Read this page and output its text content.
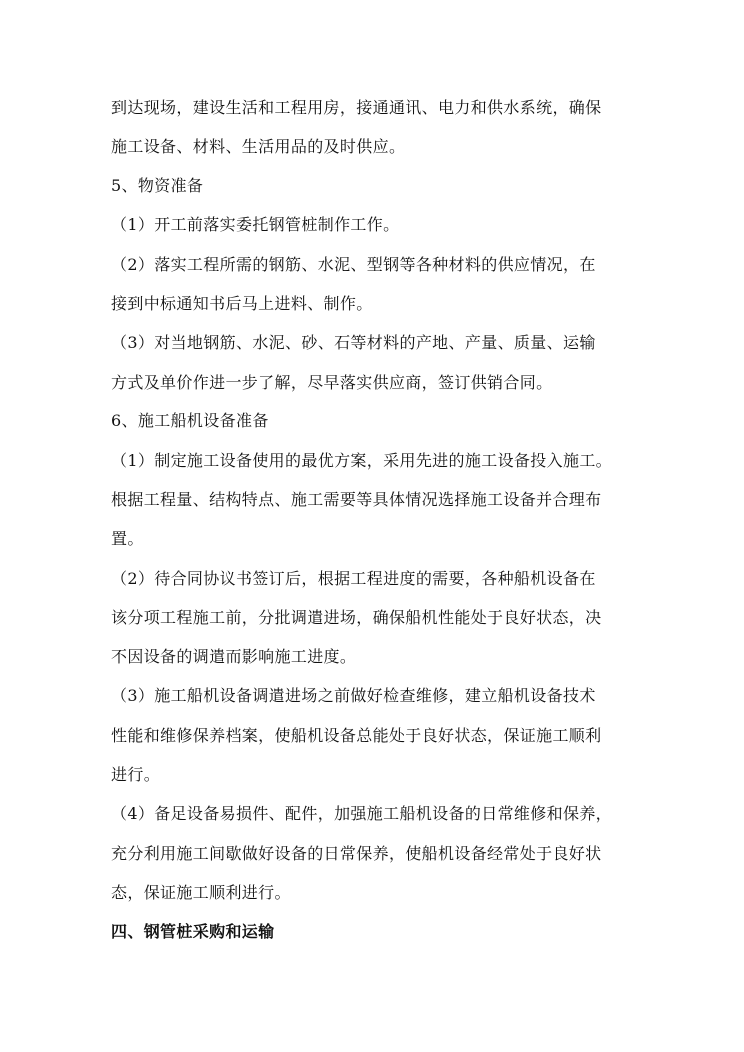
到达现场，建设生活和工程用房，接通通讯、电力和供水系统，确保
施工设备、材料、生活用品的及时供应。
5、物资准备
（1）开工前落实委托钢管桩制作工作。
（2）落实工程所需的钢筋、水泥、型钢等各种材料的供应情况，在
接到中标通知书后马上进料、制作。
（3）对当地钢筋、水泥、砂、石等材料的产地、产量、质量、运输
方式及单价作进一步了解，尽早落实供应商，签订供销合同。
6、施工船机设备准备
（1）制定施工设备使用的最优方案，采用先进的施工设备投入施工。
根据工程量、结构特点、施工需要等具体情况选择施工设备并合理布
置。
（2）待合同协议书签订后，根据工程进度的需要，各种船机设备在
该分项工程施工前，分批调遣进场，确保船机性能处于良好状态，决
不因设备的调遣而影响施工进度。
（3）施工船机设备调遣进场之前做好检查维修，建立船机设备技术
性能和维修保养档案，使船机设备总能处于良好状态，保证施工顺利
进行。
（4）备足设备易损件、配件，加强施工船机设备的日常维修和保养，
充分利用施工间歇做好设备的日常保养，使船机设备经常处于良好状
态，保证施工顺利进行。
四、钢管桩采购和运输
